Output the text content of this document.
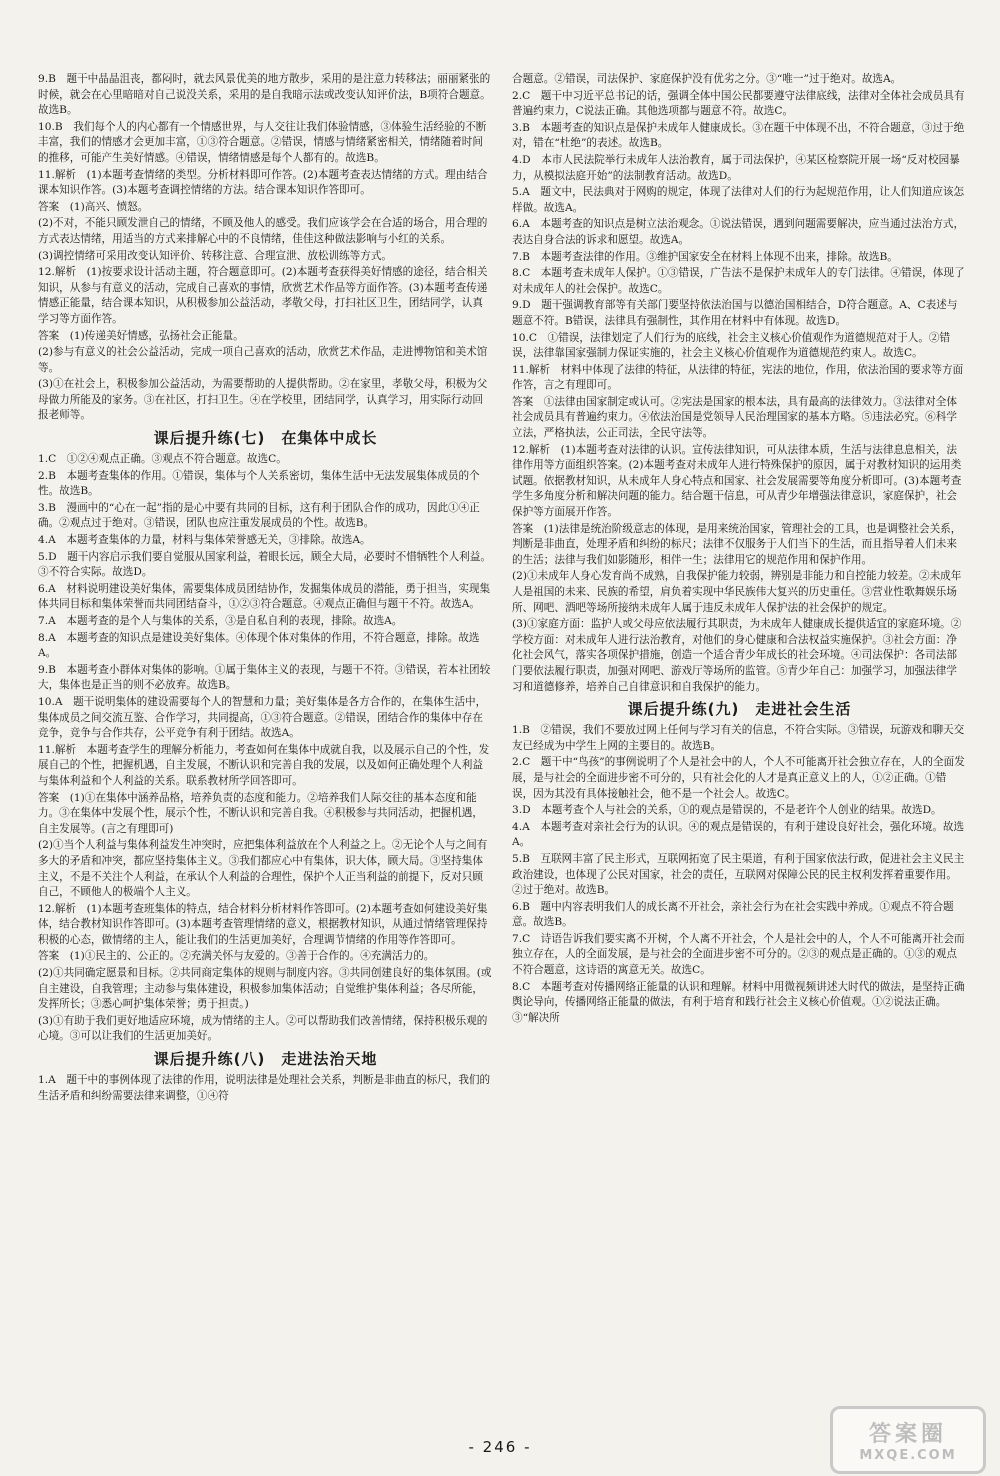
9.B　题干中晶晶沮丧，都闷时，就去风景优美的地方散步，采用的是注意力转移法；丽丽紧张的时候，就会在心里暗暗对自己说没关系，采用的是自我暗示法或改变认知评价法，B项符合题意。故选B。

10.B　我们每个人的内心都有一个情感世界，与人交往让我们体验情感，③体验生活经验的不断丰富，我们的情感才会更加丰富，①③符合题意。②错误，情感与情绪紧密相关，情绪随着时间的推移，可能产生美好情感。④错误，情绪情感是每个人都有的。故选B。

11.解析　(1)本题考查情绪的类型。分析材料即可作答。(2)本题考查表达情绪的方式。理由结合课本知识作答。(3)本题考查调控情绪的方法。结合课本知识作答即可。

答案　(1)高兴、愤怒。

(2)不对，不能只顾发泄自己的情绪，不顾及他人的感受。我们应该学会在合适的场合，用合理的方式表达情绪，用适当的方式来排解心中的不良情绪，佳佳这种做法影响与小红的关系。

(3)调控情绪可采用改变认知评价、转移注意、合理宣泄、放松训练等方式。

12.解析　(1)按要求设计活动主题，符合题意即可。(2)本题考查获得美好情感的途径，结合相关知识，从参与有意义的活动，完成自己喜欢的事情，欣赏艺术作品等方面作答。(3)本题考查传递情感正能量，结合课本知识，从积极参加公益活动，孝敬父母，打扫社区卫生，团结同学，认真学习等方面作答。

答案　(1)传递美好情感，弘扬社会正能量。

(2)参与有意义的社会公益活动，完成一项自己喜欢的活动，欣赏艺术作品，走进博物馆和美术馆等。

(3)①在社会上，积极参加公益活动，为需要帮助的人提供帮助。②在家里，孝敬父母，积极为父母做力所能及的家务。③在社区，打扫卫生。④在学校里，团结同学，认真学习，用实际行动回报老师等。

课后提升练(七)　在集体中成长

1.C　①②④观点正确。③观点不符合题意。故选C。

2.B　本题考查集体的作用。①错误，集体与个人关系密切，集体生活中无法发展集体成员的个性。故选B。

3.B　漫画中的“心在一起”指的是心中要有共同的目标，这有利于团队合作的成功，因此①④正确。②观点过于绝对。③错误，团队也应注重发展成员的个性。故选B。

4.A　本题考查集体的力量，材料与集体荣誉感无关，③排除。故选A。

5.D　题干内容启示我们要自觉服从国家利益，着眼长远，顾全大局，必要时不惜牺牲个人利益。③不符合实际。故选D。

6.A　材料说明建设美好集体，需要集体成员团结协作，发掘集体成员的潜能，勇于担当，实现集体共同目标和集体荣誉而共同团结奋斗，①②③符合题意。④观点正确但与题干不符。故选A。

7.A　本题考查的是个人与集体的关系，③是自私自利的表现，排除。故选A。

8.A　本题考查的知识点是建设美好集体。④体现个体对集体的作用，不符合题意，排除。故选A。

9.B　本题考查小群体对集体的影响。①属于集体主义的表现，与题干不符。③错误，若本社团较大，集体也是正当的则不必放弃。故选B。

10.A　题干说明集体的建设需要每个人的智慧和力量；美好集体是各方合作的，在集体生活中，集体成员之间交流互鉴、合作学习，共同提高，①③符合题意。②错误，团结合作的集体中存在竞争，竞争与合作共存，公平竞争有利于团结。故选A。

11.解析　本题考查学生的理解分析能力，考查如何在集体中成就自我，以及展示自己的个性，发展自己的个性，把握机遇，自主发展，不断认识和完善自我的发展，以及如何正确处理个人利益与集体利益和个人利益的关系。联系教材所学回答即可。

答案　(1)①在集体中涵养品格，培养负责的态度和能力。②培养我们人际交往的基本态度和能力。③在集体中发展个性，展示个性，不断认识和完善自我。④积极参与共同活动，把握机遇，自主发展等。(言之有理即可)

(2)①当个人利益与集体利益发生冲突时，应把集体利益放在个人利益之上。②无论个人与之间有多大的矛盾和冲突，都应坚持集体主义。③我们都应心中有集体，识大体，顾大局。③坚持集体主义，不是不关注个人利益，在承认个人利益的合理性，保护个人正当利益的前提下，反对只顾自己，不顾他人的极端个人主义。

12.解析　(1)本题考查班集体的特点，结合材料分析材料作答即可。(2)本题考查如何建设美好集体，结合教材知识作答即可。(3)本题考查管理情绪的意义，根据教材知识，从通过情绪管理保持积极的心态，做情绪的主人，能让我们的生活更加美好，合理调节情绪的作用等作答即可。

答案　(1)①民主的、公正的。②充满关怀与友爱的。③善于合作的。④充满活力的。

(2)①共同确定愿景和目标。②共同商定集体的规则与制度内容。③共同创建良好的集体氛围。(或自主建设，自我管理；主动参与集体建设，积极参加集体活动；自觉维护集体利益；各尽所能，发挥所长；③悉心呵护集体荣誉；勇于担责。)

(3)①有助于我们更好地适应环境，成为情绪的主人。②可以帮助我们改善情绪，保持积极乐观的心境。③可以让我们的生活更加美好。

课后提升练(八)　走进法治天地

1.A　题干中的事例体现了法律的作用，说明法律是处理社会关系，判断是非曲直的标尺，我们的生活矛盾和纠纷需要法律来调整，①④符

合题意。②错误，司法保护、家庭保护没有优劣之分。③“唯一”过于绝对。故选A。

2.C　题干中习近平总书记的话，强调全体中国公民都要遵守法律底线，法律对全体社会成员具有普遍约束力，C说法正确。其他选项都与题意不符。故选C。

3.B　本题考查的知识点是保护未成年人健康成长。③在题干中体现不出，不符合题意，③过于绝对，错在“杜绝”的表述。故选B。

4.D　本市人民法院举行未成年人法治教育，属于司法保护，④某区检察院开展一场“反对校园暴力，从模拟法庭开始”的法制教育活动。故选D。

5.A　题文中，民法典对于网购的规定，体现了法律对人们的行为起规范作用，让人们知道应该怎样做。故选A。

6.A　本题考查的知识点是树立法治观念。①说法错误，遇到问题需要解决，应当通过法治方式，表达自身合法的诉求和愿望。故选A。

7.B　本题考查法律的作用。③维护国家安全在材料上体现不出来，排除。故选B。

8.C　本题考查未成年人保护。①③错误，广告法不是保护未成年人的专门法律。④错误，体现了对未成年人的社会保护。故选C。

9.D　题干强调教育部等有关部门要坚持依法治国与以德治国相结合，D符合题意。A、C表述与题意不符。B错误，法律具有强制性，其作用在材料中有体现。故选D。

10.C　①错误，法律划定了人们行为的底线，社会主义核心价值观作为道德规范对于人。②错误，法律靠国家强制力保证实施的，社会主义核心价值观作为道德规范约束人。故选C。

11.解析　材料中体现了法律的特征，从法律的特征，宪法的地位，作用，依法治国的要求等方面作答，言之有理即可。

答案　①法律由国家制定或认可。②宪法是国家的根本法，具有最高的法律效力。③法律对全体社会成员具有普遍约束力。④依法治国是党领导人民治理国家的基本方略。⑤违法必究。⑥科学立法，严格执法，公正司法，全民守法等。

12.解析　(1)本题考查对法律的认识。宣传法律知识，可从法律本质，生活与法律息息相关，法律作用等方面组织答案。(2)本题考查对未成年人进行特殊保护的原因，属于对教材知识的运用类试题。依据教材知识，从未成年人身心特点和国家、社会发展需要等角度分析即可。(3)本题考查学生多角度分析和解决问题的能力。结合题干信息，可从青少年增强法律意识，家庭保护，社会保护等方面展开作答。

答案　(1)法律是统治阶级意志的体现，是用来统治国家，管理社会的工具，也是调整社会关系，判断是非曲直，处理矛盾和纠纷的标尺；法律不仅服务于人们当下的生活，而且指导着人们未来的生活；法律与我们如影随形，相伴一生；法律用它的规范作用和保护作用。

(2)①未成年人身心发育尚不成熟，自我保护能力较弱，辨别是非能力和自控能力较差。②未成年人是祖国的未来、民族的希望，肩负着实现中华民族伟大复兴的历史重任。③营业性歌舞娱乐场所、网吧、酒吧等场所接纳未成年人属于违反未成年人保护法的社会保护的规定。

(3)①家庭方面：监护人或父母应依法履行其职责，为未成年人健康成长提供适宜的家庭环境。②学校方面：对未成年人进行法治教育，对他们的身心健康和合法权益实施保护。③社会方面：净化社会风气，落实各项保护措施，创造一个适合青少年成长的社会环境。④司法保护：各司法部门要依法履行职责，加强对网吧、游戏厅等场所的监管。⑤青少年自己：加强学习，加强法律学习和道德修养，培养自己自律意识和自我保护的能力。

课后提升练(九)　走进社会生活

1.B　②错误，我们不要放过网上任何与学习有关的信息，不符合实际。③错误，玩游戏和聊天交友已经成为中学生上网的主要目的。故选B。

2.C　题干中“鸟孩”的事例说明了个人是社会中的人，个人不可能离开社会独立存在，人的全面发展，是与社会的全面进步密不可分的，只有社会化的人才是真正意义上的人，①②正确。①错误，因为其没有具体接触社会，他不是一个社会人。故选C。

3.D　本题考查个人与社会的关系，①的观点是错误的，不是老许个人创业的结果。故选D。

4.A　本题考查对亲社会行为的认识。④的观点是错误的，有利于建设良好社会，强化环境。故选A。

5.B　互联网丰富了民主形式，互联网拓宽了民主渠道，有利于国家依法行政，促进社会主义民主政治建设，也体现了公民对国家，社会的责任，互联网对保障公民的民主权利发挥着重要作用。②过于绝对。故选B。

6.B　题中内容表明我们人的成长离不开社会，亲社会行为在社会实践中养成。①观点不符合题意。故选B。

7.C　诗语告诉我们要实离不开树，个人离不开社会，个人是社会中的人，个人不可能离开社会而独立存在，人的全面发展，是与社会的全面进步密不可分的。②③的观点是正确的。①③的观点不符合题意，这诗语的寓意无关。故选C。

8.C　本题考查对传播网络正能量的认识和理解。材料中用微视频讲述大时代的做法，是坚持正确舆论导向，传播网络正能量的做法，有利于培育和践行社会主义核心价值观。①②说法正确。③“解决所

- 246 -	答案圈
MXQE.COM
